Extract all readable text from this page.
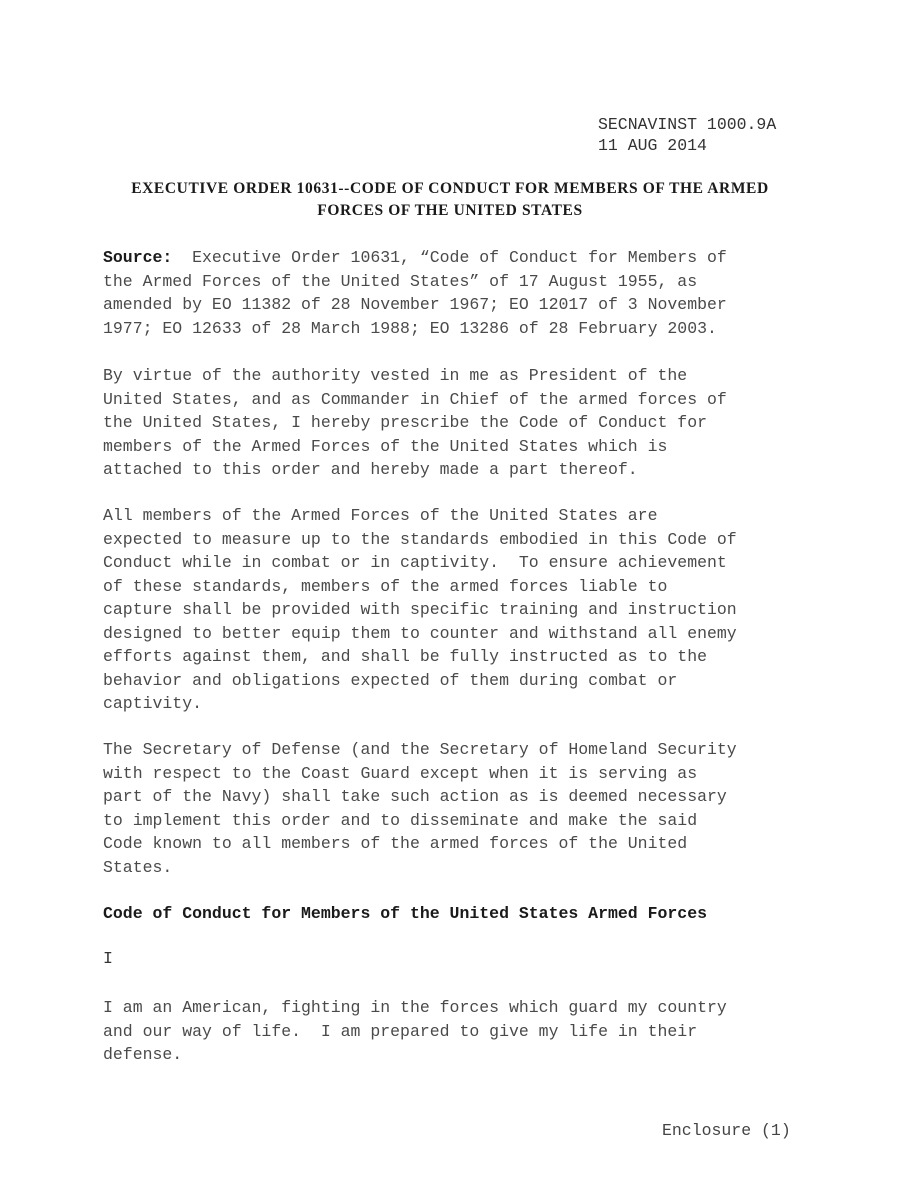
SECNAVINST 1000.9A
11 AUG 2014
EXECUTIVE ORDER 10631--CODE OF CONDUCT FOR MEMBERS OF THE ARMED
FORCES OF THE UNITED STATES
Source:  Executive Order 10631, “Code of Conduct for Members of
the Armed Forces of the United States” of 17 August 1955, as
amended by EO 11382 of 28 November 1967; EO 12017 of 3 November
1977; EO 12633 of 28 March 1988; EO 13286 of 28 February 2003.
By virtue of the authority vested in me as President of the
United States, and as Commander in Chief of the armed forces of
the United States, I hereby prescribe the Code of Conduct for
members of the Armed Forces of the United States which is
attached to this order and hereby made a part thereof.
All members of the Armed Forces of the United States are
expected to measure up to the standards embodied in this Code of
Conduct while in combat or in captivity.  To ensure achievement
of these standards, members of the armed forces liable to
capture shall be provided with specific training and instruction
designed to better equip them to counter and withstand all enemy
efforts against them, and shall be fully instructed as to the
behavior and obligations expected of them during combat or
captivity.
The Secretary of Defense (and the Secretary of Homeland Security
with respect to the Coast Guard except when it is serving as
part of the Navy) shall take such action as is deemed necessary
to implement this order and to disseminate and make the said
Code known to all members of the armed forces of the United
States.
Code of Conduct for Members of the United States Armed Forces
I
I am an American, fighting in the forces which guard my country
and our way of life.  I am prepared to give my life in their
defense.
Enclosure (1)
